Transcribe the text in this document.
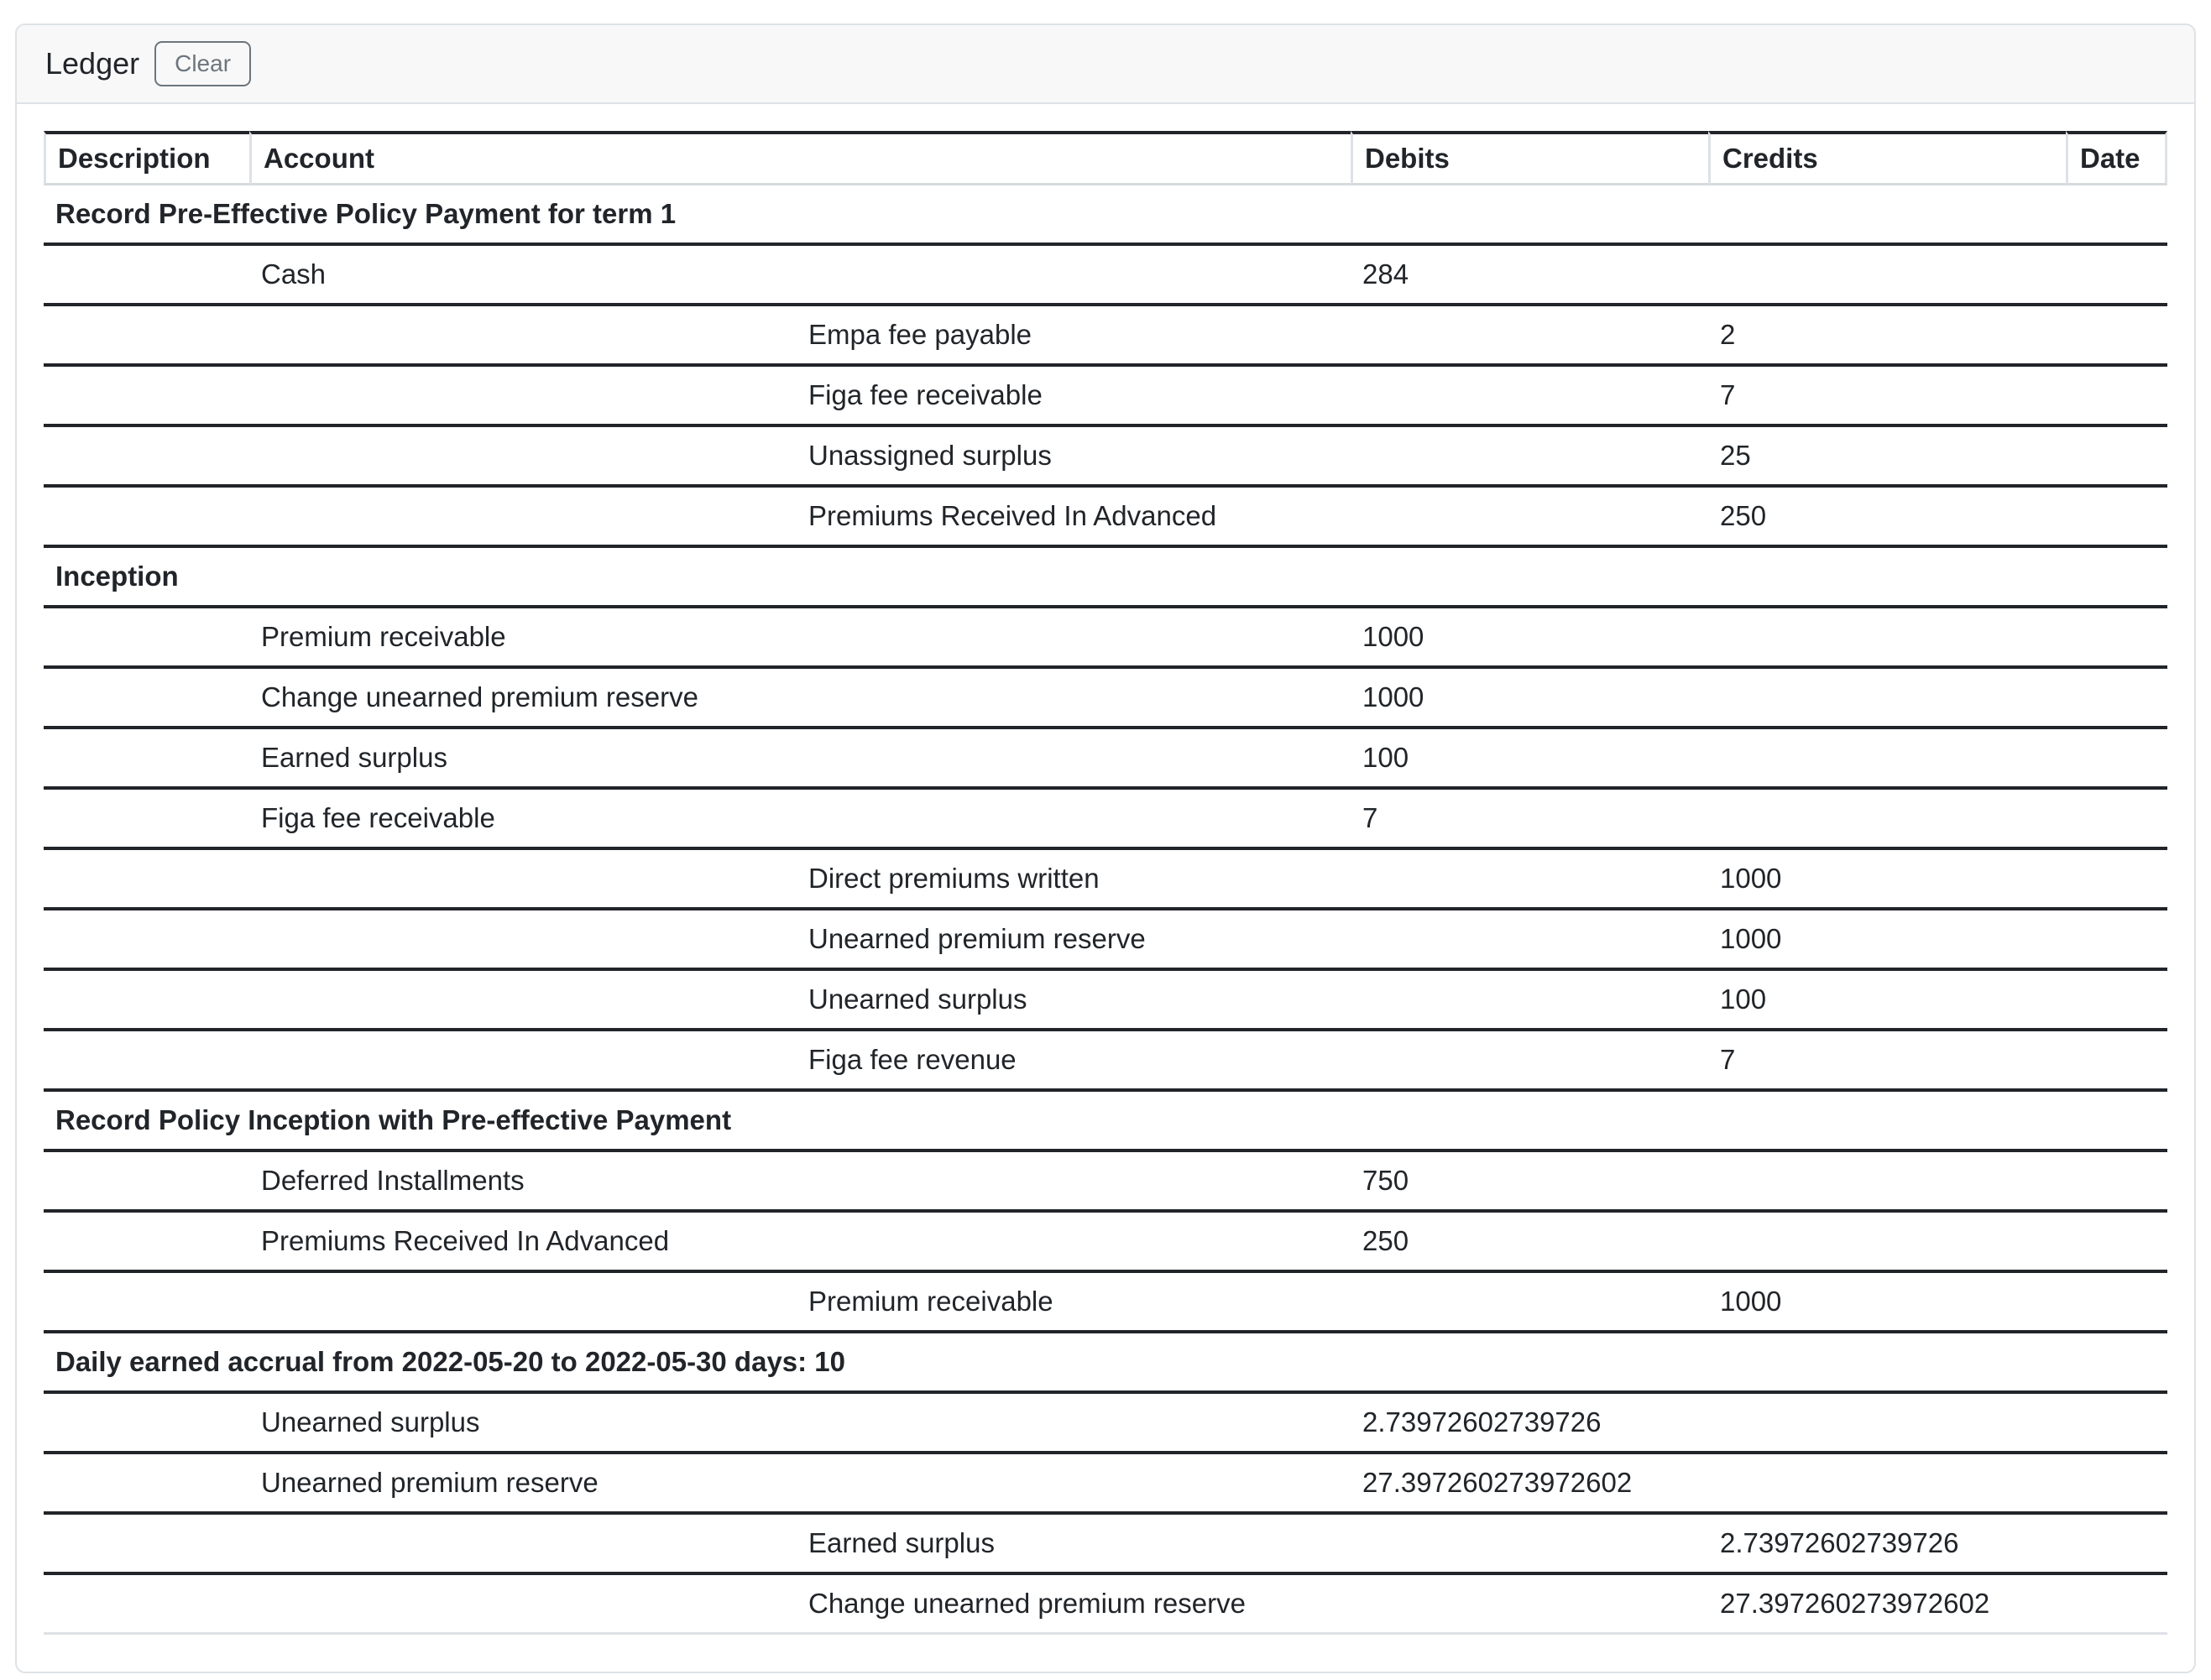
Ledger	Clear
Description	Account	Debits	Credits	Date
Record Pre-Effective Policy Payment for term 1				
	Cash	284		

	Empa fee payable		2	

	Figa fee receivable		7	

	Unassigned surplus		25	

	Premiums Received In Advanced		250	
Inception				
	Premium receivable	1000		
	Change unearned premium reserve	1000		
	Earned surplus	100		
	Figa fee receivable	7		

	Direct premiums written		1000	

	Unearned premium reserve		1000	

	Unearned surplus		100	

	Figa fee revenue		7	
Record Policy Inception with Pre-effective Payment				
	Deferred Installments	750		
	Premiums Received In Advanced	250		

	Premium receivable		1000	
Daily earned accrual from 2022-05-20 to 2022-05-30 days: 10				
	Unearned surplus	2.73972602739726		
	Unearned premium reserve	27.397260273972602		

	Earned surplus		2.73972602739726	

	Change unearned premium reserve		27.397260273972602	
